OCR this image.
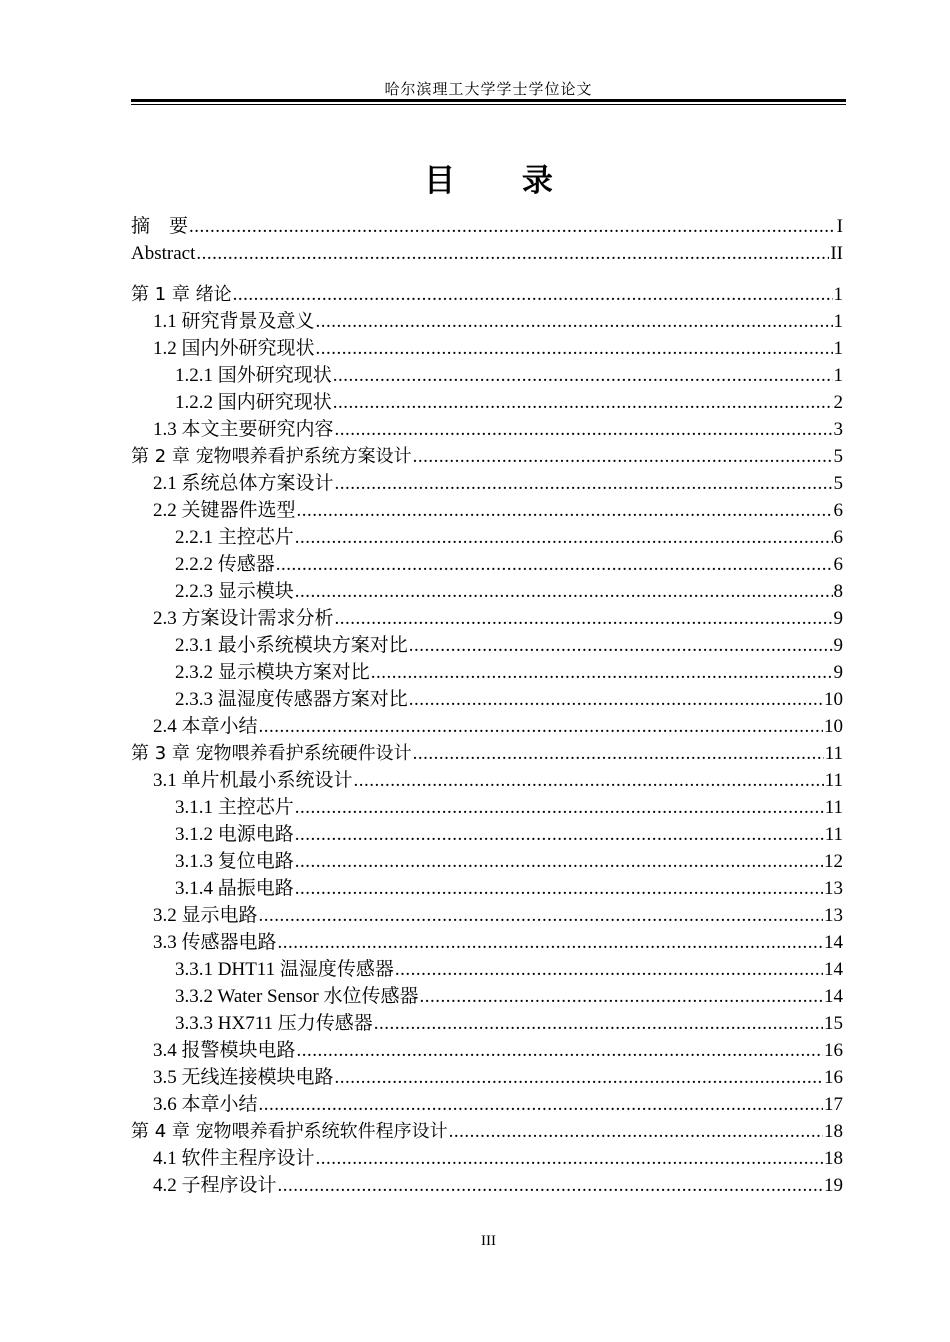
哈尔滨理工大学学士学位论文
目 录
摘　要 .....	I
Abstract .....	II
第 1 章 绪论 .....	1
1.1 研究背景及意义 .....	1
1.2 国内外研究现状 .....	1
1.2.1 国外研究现状 .....	1
1.2.2 国内研究现状 .....	2
1.3 本文主要研究内容 .....	3
第 2 章 宠物喂养看护系统方案设计 .....	5
2.1 系统总体方案设计 .....	5
2.2 关键器件选型 .....	6
2.2.1 主控芯片 .....	6
2.2.2 传感器 .....	6
2.2.3 显示模块 .....	8
2.3 方案设计需求分析 .....	9
2.3.1 最小系统模块方案对比 .....	9
2.3.2 显示模块方案对比 .....	9
2.3.3 温湿度传感器方案对比 .....	10
2.4 本章小结 .....	10
第 3 章 宠物喂养看护系统硬件设计 .....	11
3.1 单片机最小系统设计 .....	11
3.1.1 主控芯片 .....	11
3.1.2 电源电路 .....	11
3.1.3 复位电路 .....	12
3.1.4 晶振电路 .....	13
3.2 显示电路 .....	13
3.3 传感器电路 .....	14
3.3.1 DHT11 温湿度传感器 .....	14
3.3.2 Water Sensor 水位传感器 .....	14
3.3.3 HX711 压力传感器 .....	15
3.4 报警模块电路 .....	16
3.5 无线连接模块电路 .....	16
3.6 本章小结 .....	17
第 4 章 宠物喂养看护系统软件程序设计 .....	18
4.1 软件主程序设计 .....	18
4.2 子程序设计 .....	19
III
